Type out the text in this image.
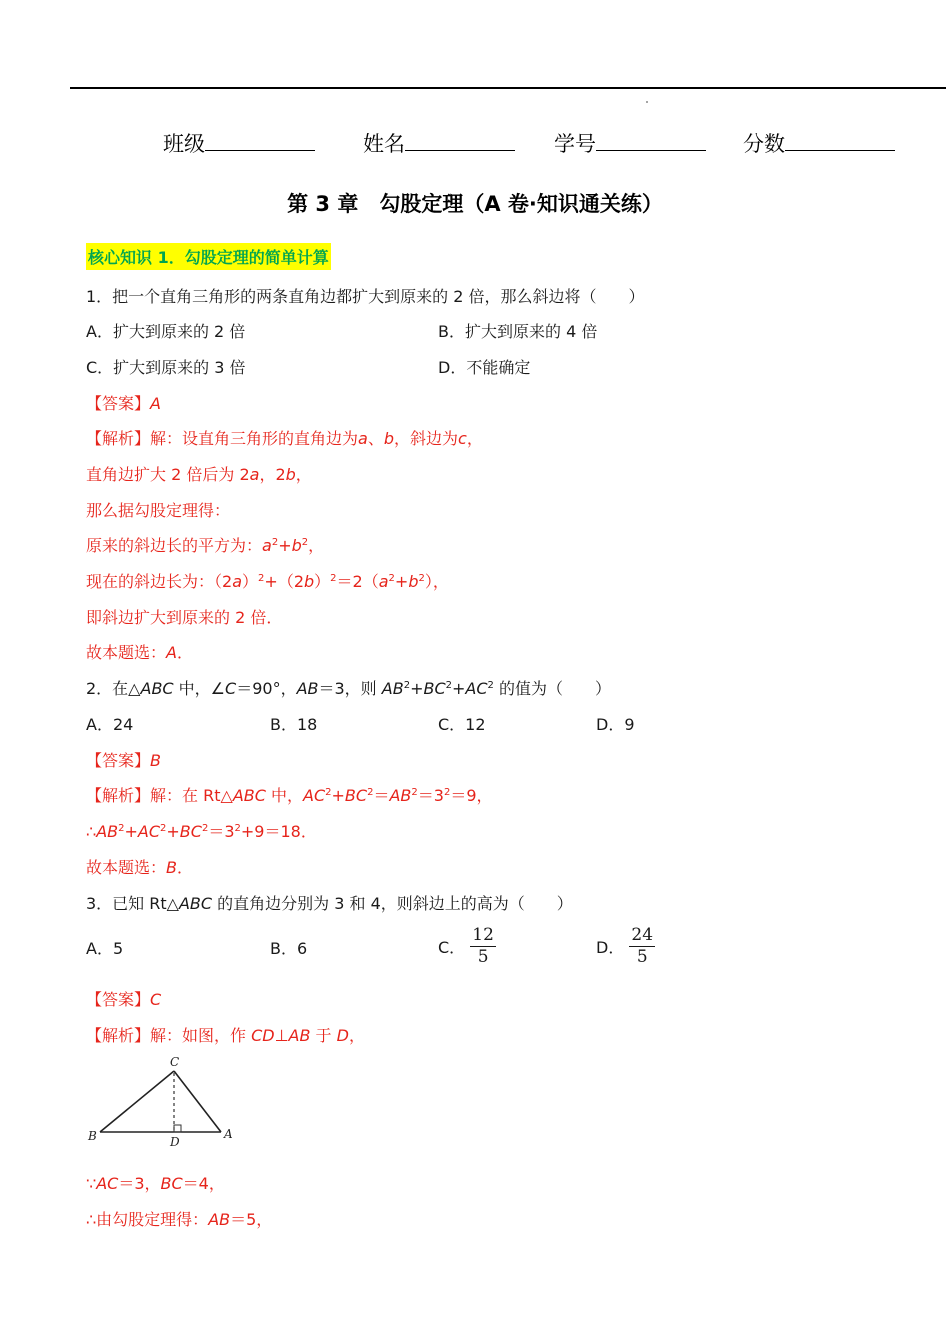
班级	姓名	学号	分数
第 3 章　勾股定理（A 卷·知识通关练）
核心知识 1．勾股定理的简单计算
1．把一个直角三角形的两条直角边都扩大到原来的 2 倍，那么斜边将（　　）
A．扩大到原来的 2 倍	B．扩大到原来的 4 倍
C．扩大到原来的 3 倍	D．不能确定
【答案】A
【解析】解：设直角三角形的直角边为a、b，斜边为c，
直角边扩大 2 倍后为 2a，2b，
那么据勾股定理得：
原来的斜边长的平方为：$a^2+b^2$，
现在的斜边长为：$(2a)^2+(2b)^2=2(a^2+b^2)$，
即斜边扩大到原来的 2 倍．
故本题选：A．
2．在△ABC 中，∠C＝90°，AB＝3，则 $AB^2+BC^2+AC^2$ 的值为（　　）
A．24	B．18	C．12	D．9
【答案】B
【解析】解：在 Rt△ABC 中，$AC^2+BC^2=AB^2=3^2=9$，
$\therefore AB^2+AC^2+BC^2=3^2+9=18$．
故本题选：B．
3．已知 Rt△ABC 的直角边分别为 3 和 4，则斜边上的高为（　　）
A．5	B．6	C． $\frac{12}{5}$	D． $\frac{24}{5}$
【答案】C
【解析】解：如图，作 CD⊥AB 于 D，
C
B	D
A
∵AC＝3，BC＝4，
∴由勾股定理得：AB＝5，
